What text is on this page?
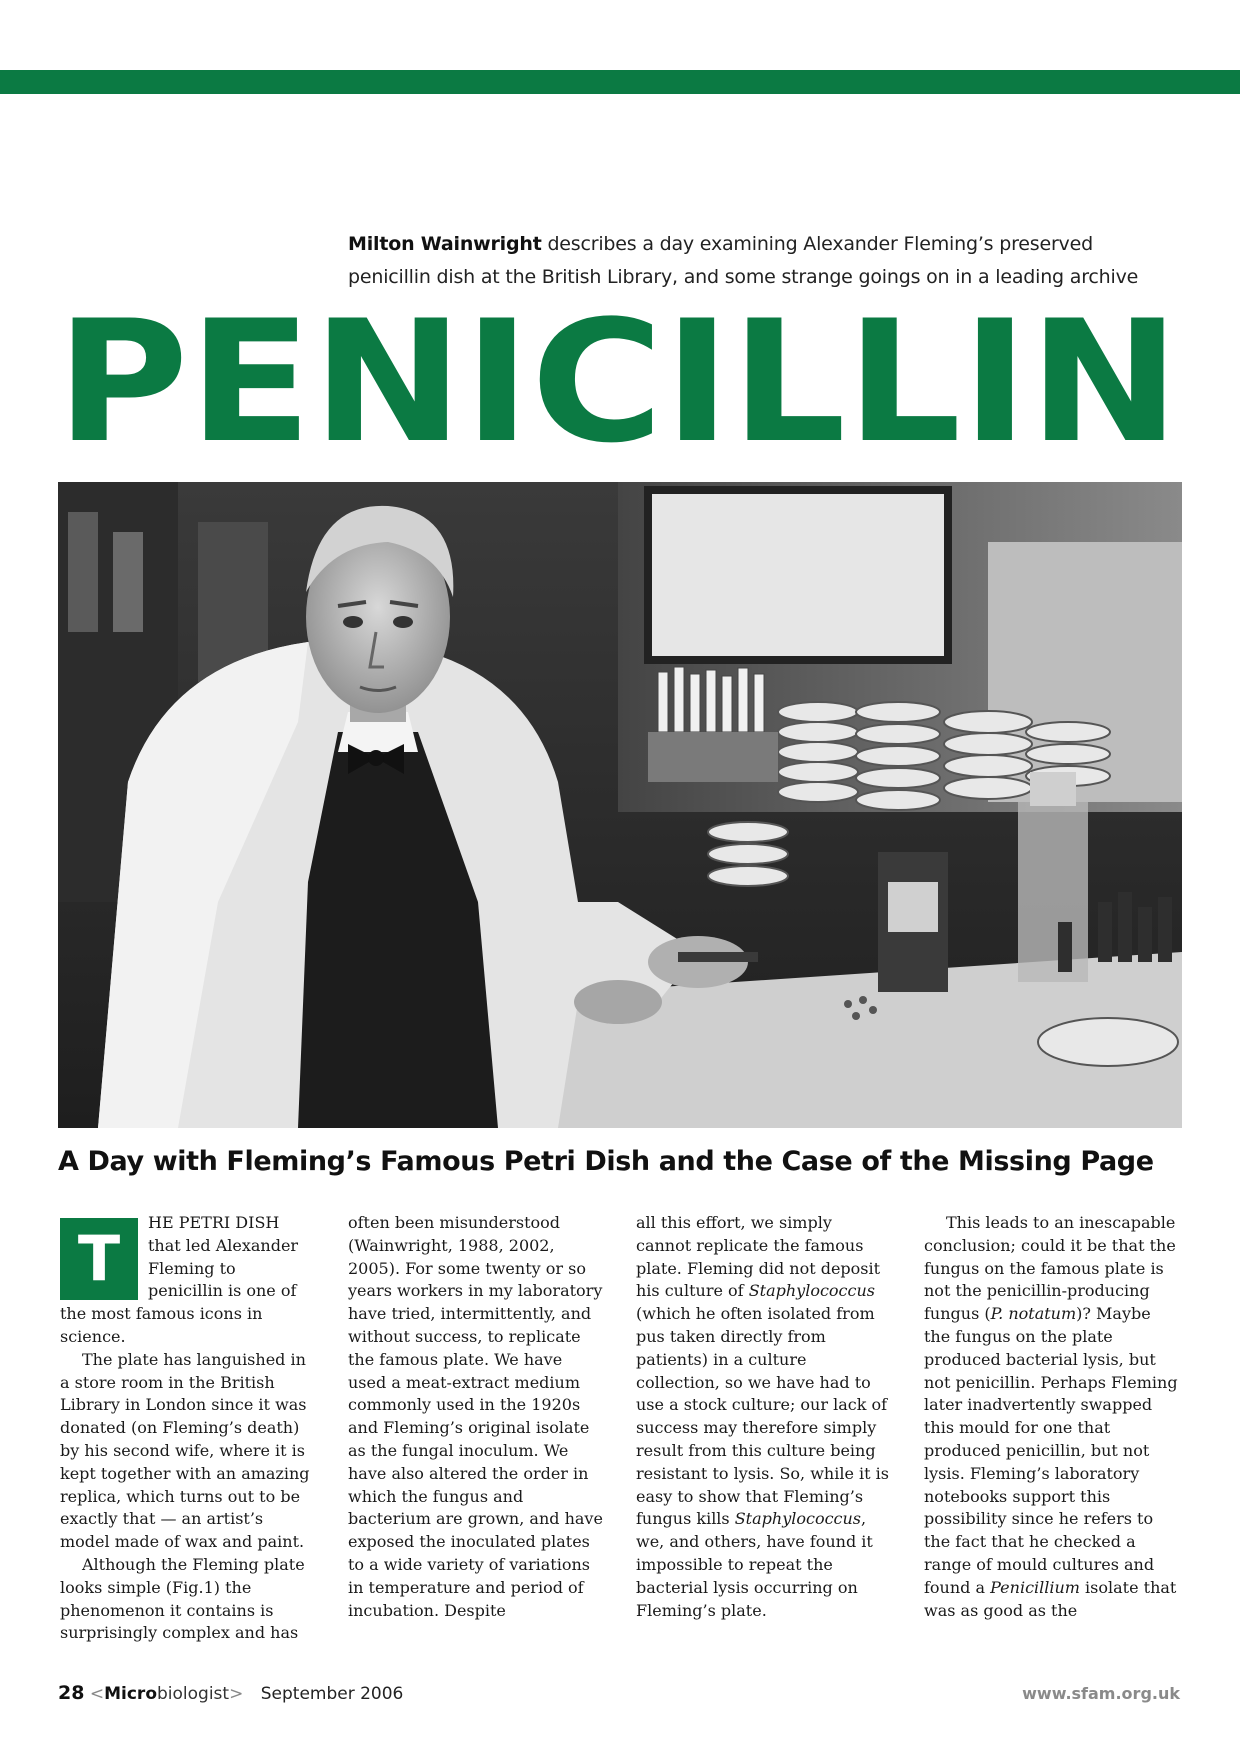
Milton Wainwright describes a day examining Alexander Fleming’s preserved penicillin dish at the British Library, and some strange goings on in a leading archive
PENICILLIN
A Day with Fleming’s Famous Petri Dish and the Case of the Missing Page

T	HE PETRI DISH that led Alexander Fleming to penicillin is one of the most famous icons in science.

The plate has languished in a store room in the British Library in London since it was donated (on Fleming’s death) by his second wife, where it is kept together with an amazing replica, which turns out to be exactly that — an artist’s model made of wax and paint.

Although the Fleming plate looks simple (Fig.1) the phenomenon it contains is surprisingly complex and has

often been misunderstood (Wainwright, 1988, 2002, 2005). For some twenty or so years workers in my laboratory have tried, intermittently, and without success, to replicate the famous plate. We have used a meat-extract medium commonly used in the 1920s and Fleming’s original isolate as the fungal inoculum. We have also altered the order in which the fungus and bacterium are grown, and have exposed the inoculated plates to a wide variety of variations in temperature and period of incubation. Despite

all this effort, we simply cannot replicate the famous plate. Fleming did not deposit his culture of Staphylococcus (which he often isolated from pus taken directly from patients) in a culture collection, so we have had to use a stock culture; our lack of success may therefore simply result from this culture being resistant to lysis. So, while it is easy to show that Fleming’s fungus kills Staphylococcus, we, and others, have found it impossible to repeat the bacterial lysis occurring on Fleming’s plate.

This leads to an inescapable conclusion; could it be that the fungus on the famous plate is not the penicillin-producing fungus (P. notatum)? Maybe the fungus on the plate produced bacterial lysis, but not penicillin. Perhaps Fleming later inadvertently swapped this mould for one that produced penicillin, but not lysis. Fleming’s laboratory notebooks support this possibility since he refers to the fact that he checked a range of mould cultures and found a Penicillium isolate that was as good as the

28 <Microbiologist> September 2006	www.sfam.org.uk
